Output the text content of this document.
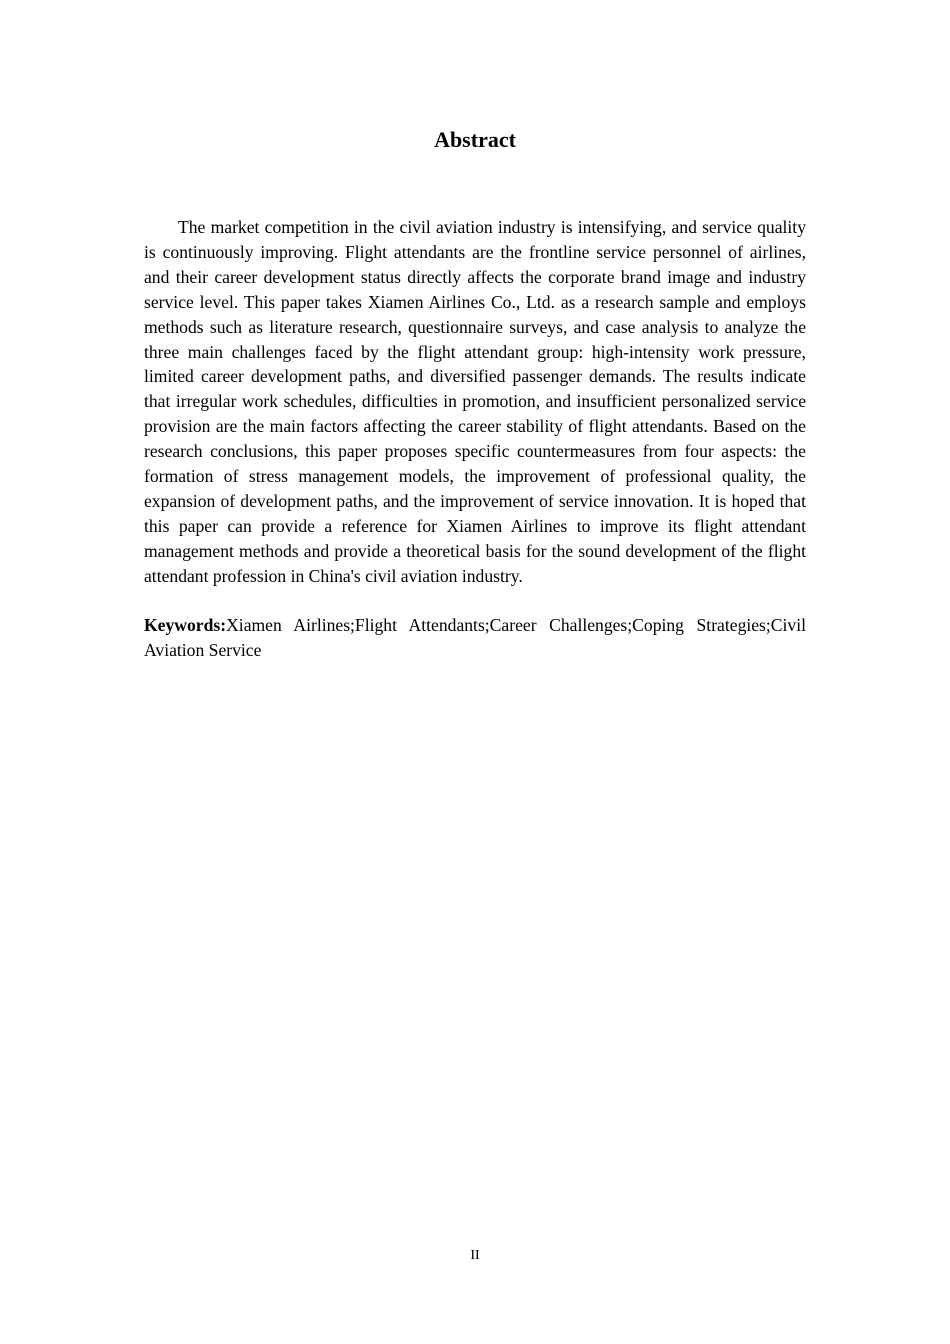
Abstract

The market competition in the civil aviation industry is intensifying, and service quality is continuously improving. Flight attendants are the frontline service personnel of airlines, and their career development status directly affects the corporate brand image and industry service level. This paper takes Xiamen Airlines Co., Ltd. as a research sample and employs methods such as literature research, questionnaire surveys, and case analysis to analyze the three main challenges faced by the flight attendant group: high-intensity work pressure, limited career development paths, and diversified passenger demands. The results indicate that irregular work schedules, difficulties in promotion, and insufficient personalized service provision are the main factors affecting the career stability of flight attendants. Based on the research conclusions, this paper proposes specific countermeasures from four aspects: the formation of stress management models, the improvement of professional quality, the expansion of development paths, and the improvement of service innovation. It is hoped that this paper can provide a reference for Xiamen Airlines to improve its flight attendant management methods and provide a theoretical basis for the sound development of the flight attendant profession in China's civil aviation industry.

Keywords:Xiamen Airlines;Flight Attendants;Career Challenges;Coping Strategies;Civil Aviation Service

II
